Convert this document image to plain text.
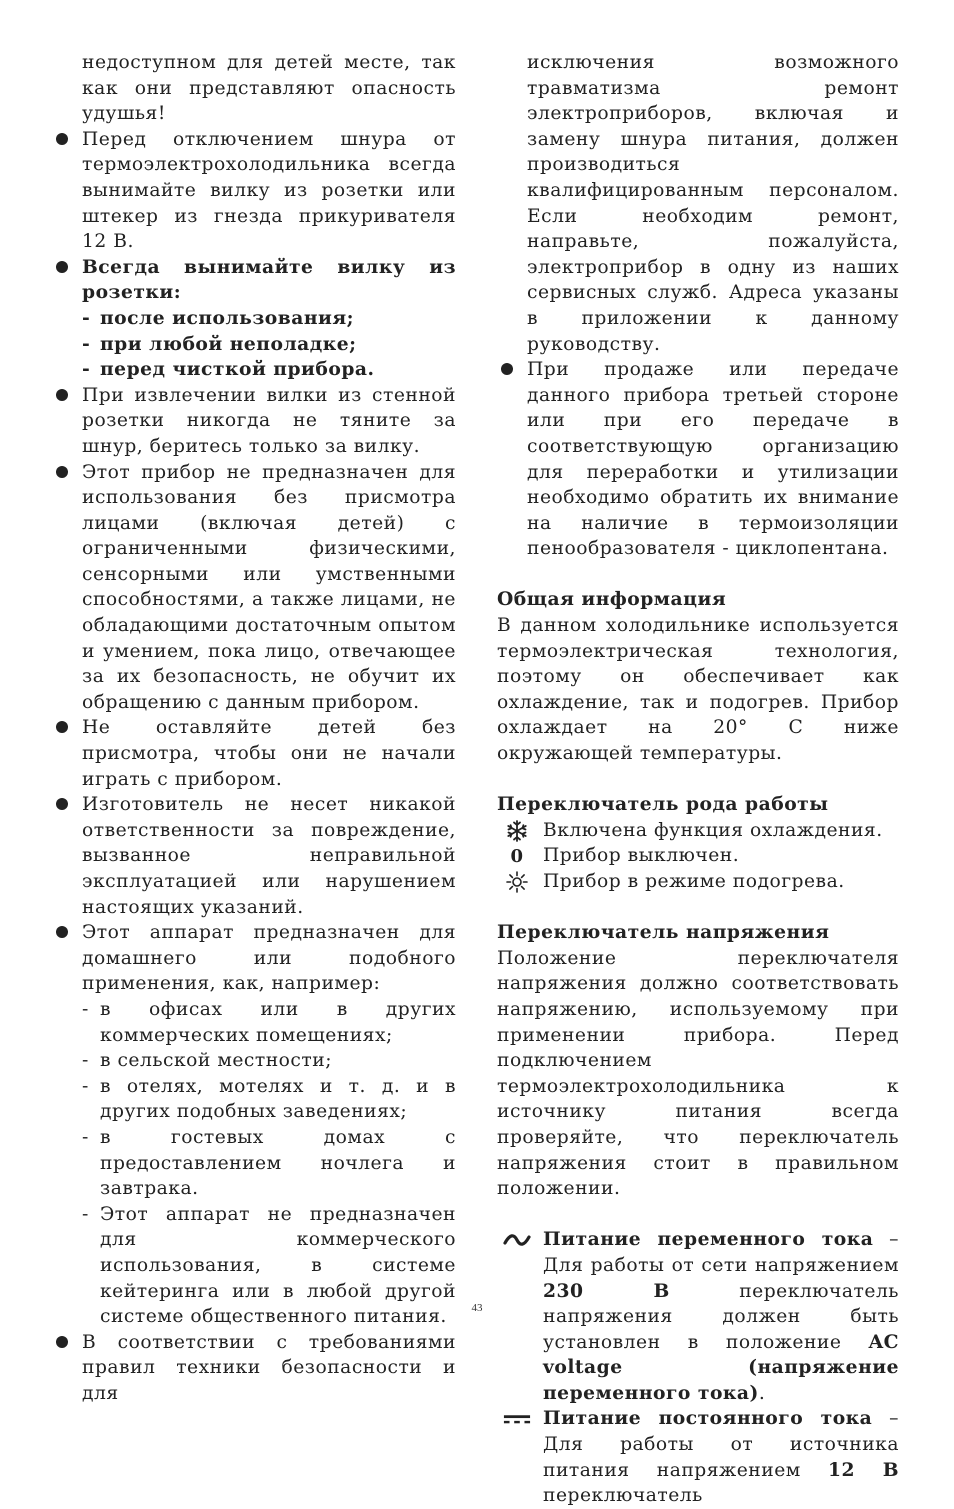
недоступном для детей месте, так как они представляют опасность удушья!
Перед отключением шнура от термоэлектрохолодильника всегда вынимайте вилку из розетки или штекер из гнезда прикуривателя 12 В.
Всегда вынимайте вилку из розетки:
- после использования;
- при любой неполадке;
- перед чисткой прибора.
При извлечении вилки из стенной розетки никогда не тяните за шнур, беритесь только за вилку.
Этот прибор не предназначен для использования без присмотра лицами (включая детей) с ограниченными физическими, сенсорными или умственными способностями, а также лицами, не обладающими достаточным опытом и умением, пока лицо, отвечающее за их безопасность, не обучит их обращению с данным прибором.
Не оставляйте детей без присмотра, чтобы они не начали играть с прибором.
Изготовитель не несет никакой ответственности за повреждение, вызванное неправильной эксплуатацией или нарушением настоящих указаний.
Этот аппарат предназначен для домашнего или подобного применения, как, например:
- в офисах или в других коммерческих помещениях;
- в сельской местности;
- в отелях, мотелях и т. д. и в других подобных заведениях;
- в гостевых домах с предоставлением ночлега и завтрака.
- Этот аппарат не предназначен для коммерческого использования, в системе кейтеринга или в любой другой системе общественного питания.
В соответствии с требованиями правил техники безопасности и для
исключения возможного травматизма ремонт электроприборов, включая и замену шнура питания, должен производиться квалифицированным персоналом. Если необходим ремонт, направьте, пожалуйста, электроприбор в одну из наших сервисных служб. Адреса указаны в приложении к данному руководству.
При продаже или передаче данного прибора третьей стороне или при его передаче в соответствующую организацию для переработки и утилизации необходимо обратить их внимание на наличие в термоизоляции пенообразователя - циклопентана.
Общая информация
В данном холодильнике используется термоэлектрическая технология, поэтому он обеспечивает как охлаждение, так и подогрев. Прибор охлаждает на 20° С ниже окружающей температуры.
Переключатель рода работы
Включена функция охлаждения.
0	Прибор выключен.
Прибор в режиме подогрева.
Переключатель напряжения
Положение переключателя напряжения должно соответствовать напряжению, используемому при применении прибора. Перед подключением термоэлектрохолодильника к источнику питания всегда проверяйте, что переключатель напряжения стоит в правильном положении.
Питание переменного тока – Для работы от сети напряжением 230 В переключатель напряжения должен быть установлен в положение AC voltage (напряжение переменного тока).
Питание постоянного тока – Для работы от источника питания напряжением 12 В переключатель
43
